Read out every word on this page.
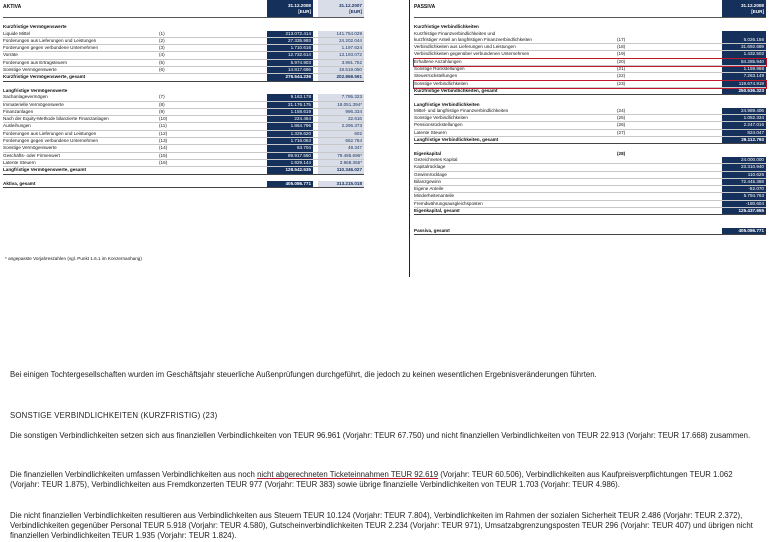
AKTIVA	31.12.2008
[EUR]
31.12.2007
[EUR]
Kurzfristige Vermögenswerte
Liquide Mittel	(1)	213.072.414	141.754.029
Forderungen aus Lieferungen und Leistungen	(2)	27.335.993	24.202.044
Forderungen gegen verbundene Unternehmen	(3)	1.710.616	1.197.624
Vorräte	(4)	12.732.614	13.193.072
Forderungen aus Ertragsteuern	(5)	5.974.903	3.991.752
Sonstige Vermögenswerte	(6)	14.817.696	18.519.050
Kurzfristige Vermögenswerte, gesamt	276.544.236	202.868.591
Langfristige Vermögenswerte
Sachanlagevermögen	(7)	9.163.178	7.795.323
Immaterielle Vermögenswerte	(8)	21.176.175	18.051.394*
Finanzanlagen	(9)	1.158.619	996.334
Nach der Equity-Methode bilanzierte Finanzanlagen	(10)	224.464	32.616
Ausleihungen	(11)	1.864.796	2.296.373
Forderungen aus Lieferungen und Leistungen	(12)	1.329.620	602
Forderungen gegen verbundene Unternehmen	(13)	1.716.063	662.784
Sonstige Vermögenswerte	(14)	63.704	49.347
Geschäfts- oder Firmenwert	(15)	89.917.550	79.485.696*
Latente Steuern	(16)	1.929.144	3.968.355*
Langfristige Vermögenswerte, gesamt	128.542.535	110.346.027
Aktiva, gesamt	405.086.771	313.215.018
* angepasste Vorjahreszahlen (vgl. Punkt 1.6.1 im Konzernanhang)
PASSIVA	31.12.2008
[EUR]
Kurzfristige Verbindlichkeiten
Kurzfristige Finanzverbindlichkeiten und
kurzfristiger Anteil an langfristigen Finanzverbindlichkeiten	(17)	5.026.156
Verbindlichkeiten aus Lieferungen und Leistungen	(18)	31.692.689
Verbindlichkeiten gegenüber verbundenen Unternehmen	(19)	1.432.502
Erhaltene Anzahlungen	(20)	84.285.940
Sonstige Rückstellungen	(21)	1.159.968
Steuerrückstellungen	(22)	7.263.149
Sonstige Verbindlichkeiten	(23)	119.674.919
Kurzfristige Verbindlichkeiten, gesamt	250.536.323
Langfristige Verbindlichkeiten
Mittel- und langfristige Finanzverbindlichkeiten	(24)	24.989.406
Sonstige Verbindlichkeiten	(25)	1.052.334
Pensionsrückstellungen	(26)	2.247.016
Latente Steuern	(27)	824.047
Langfristige Verbindlichkeiten, gesamt	29.112.793
Eigenkapital	(28)
Gezeichnetes Kapital	24.000.000
Kapitalrücklage	23.310.940
Gewinnrücklage	110.626
Bilanzgewinn	72.445.368
Eigene Anteile	-52.070
Minderheitenanteile	5.794.763
Fremdwährungsausgleichsposten	-180.604
Eigenkapital, gesamt	125.437.655
Passiva, gesamt	405.086.771
Bei einigen Tochtergesellschaften wurden im Geschäftsjahr steuerliche Außenprüfungen durchgeführt, die jedoch zu keinen wesentlichen Ergebnisveränderungen führten.
SONSTIGE VERBINDLICHKEITEN (KURZFRISTIG) (23)
Die sonstigen Verbindlichkeiten setzen sich aus finanziellen Verbindlichkeiten von TEUR 96.961 (Vorjahr: TEUR 67.750) und nicht finanziellen Verbindlichkeiten von TEUR 22.913 (Vorjahr: TEUR 17.668) zusammen.
Die finanziellen Verbindlichkeiten umfassen Verbindlichkeiten aus noch nicht abgerechneten Ticketeinnahmen TEUR 92.619 (Vorjahr: TEUR 60.506), Verbindlichkeiten aus Kaufpreisverpflichtungen TEUR 1.062 (Vorjahr: TEUR 1.875), Verbindlichkeiten aus Fremdkonzerten TEUR 977 (Vorjahr: TEUR 383) sowie übrige finanzielle Verbindlichkeiten von TEUR 1.703 (Vorjahr: TEUR 4.986).
Die nicht finanziellen Verbindlichkeiten resultieren aus Verbindlichkeiten aus Steuern TEUR 10.124 (Vorjahr: TEUR 7.804), Verbindlichkeiten im Rahmen der sozialen Sicherheit TEUR 2.486 (Vorjahr: TEUR 2.372), Verbindlichkeiten gegenüber Personal TEUR 5.918 (Vorjahr: TEUR 4.580), Gutscheinverbindlichkeiten TEUR 2.234 (Vorjahr: TEUR 971), Umsatzabgrenzungsposten TEUR 296 (Vorjahr: TEUR 407) und übrigen nicht finanziellen Verbindlichkeiten TEUR 1.935 (Vorjahr: TEUR 1.824).
